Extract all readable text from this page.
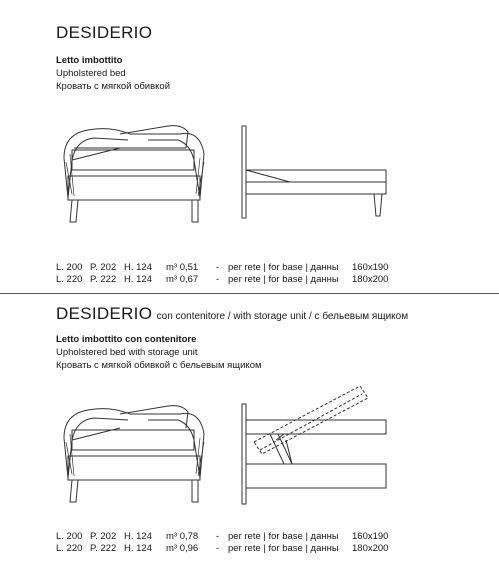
DESIDERIO
Letto imbottito
Upholstered bed
Кровать с мягкой обивкой
L. 200 P. 202 H. 124 m³ 0,51 - per rete | for base | данны 160x190
L. 220 P. 222 H. 124 m³ 0,67 - per rete | for base | данны 180x200
DESIDERIO con contenitore / with storage unit / с бельевым ящиком
Letto imbottito con contenitore
Upholstered bed with storage unit
Кровать с мягкой обивкой с бельевым ящиком
L. 200 P. 202 H. 124 m³ 0,78 - per rete | for base | данны 160x190
L. 220 P. 222 H. 124 m³ 0,96 - per rete | for base | данны 180x200
